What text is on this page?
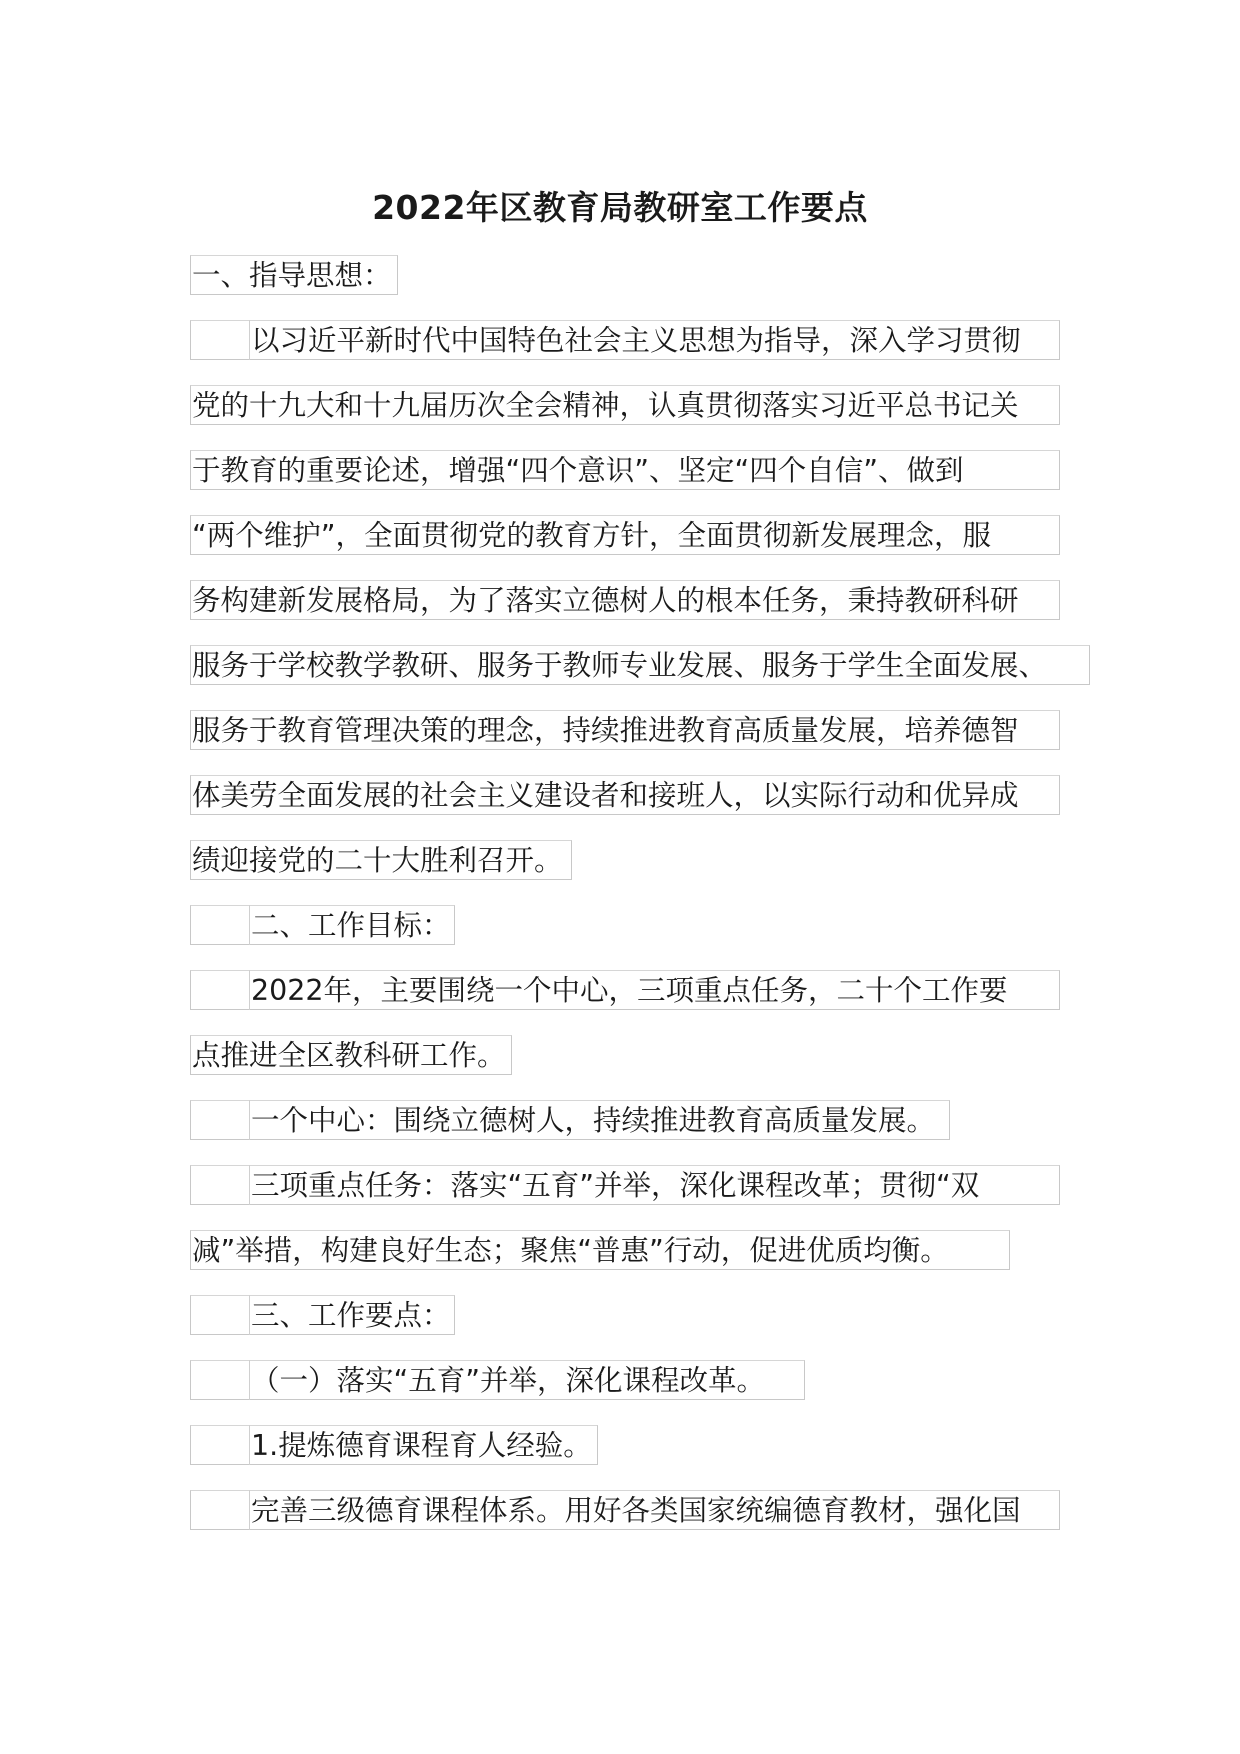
2022年区教育局教研室工作要点
一、指导思想：
以习近平新时代中国特色社会主义思想为指导，深入学习贯彻
党的十九大和十九届历次全会精神，认真贯彻落实习近平总书记关
于教育的重要论述，增强“四个意识”、坚定“四个自信”、做到
“两个维护”，全面贯彻党的教育方针，全面贯彻新发展理念，服
务构建新发展格局，为了落实立德树人的根本任务，秉持教研科研
服务于学校教学教研、服务于教师专业发展、服务于学生全面发展、
服务于教育管理决策的理念，持续推进教育高质量发展，培养德智
体美劳全面发展的社会主义建设者和接班人，以实际行动和优异成
绩迎接党的二十大胜利召开。
二、工作目标：
2022年，主要围绕一个中心，三项重点任务，二十个工作要
点推进全区教科研工作。
一个中心：围绕立德树人，持续推进教育高质量发展。
三项重点任务：落实“五育”并举，深化课程改革；贯彻“双
减”举措，构建良好生态；聚焦“普惠”行动，促进优质均衡。
三、工作要点：
（一）落实“五育”并举，深化课程改革。
1.提炼德育课程育人经验。
完善三级德育课程体系。用好各类国家统编德育教材，强化国
